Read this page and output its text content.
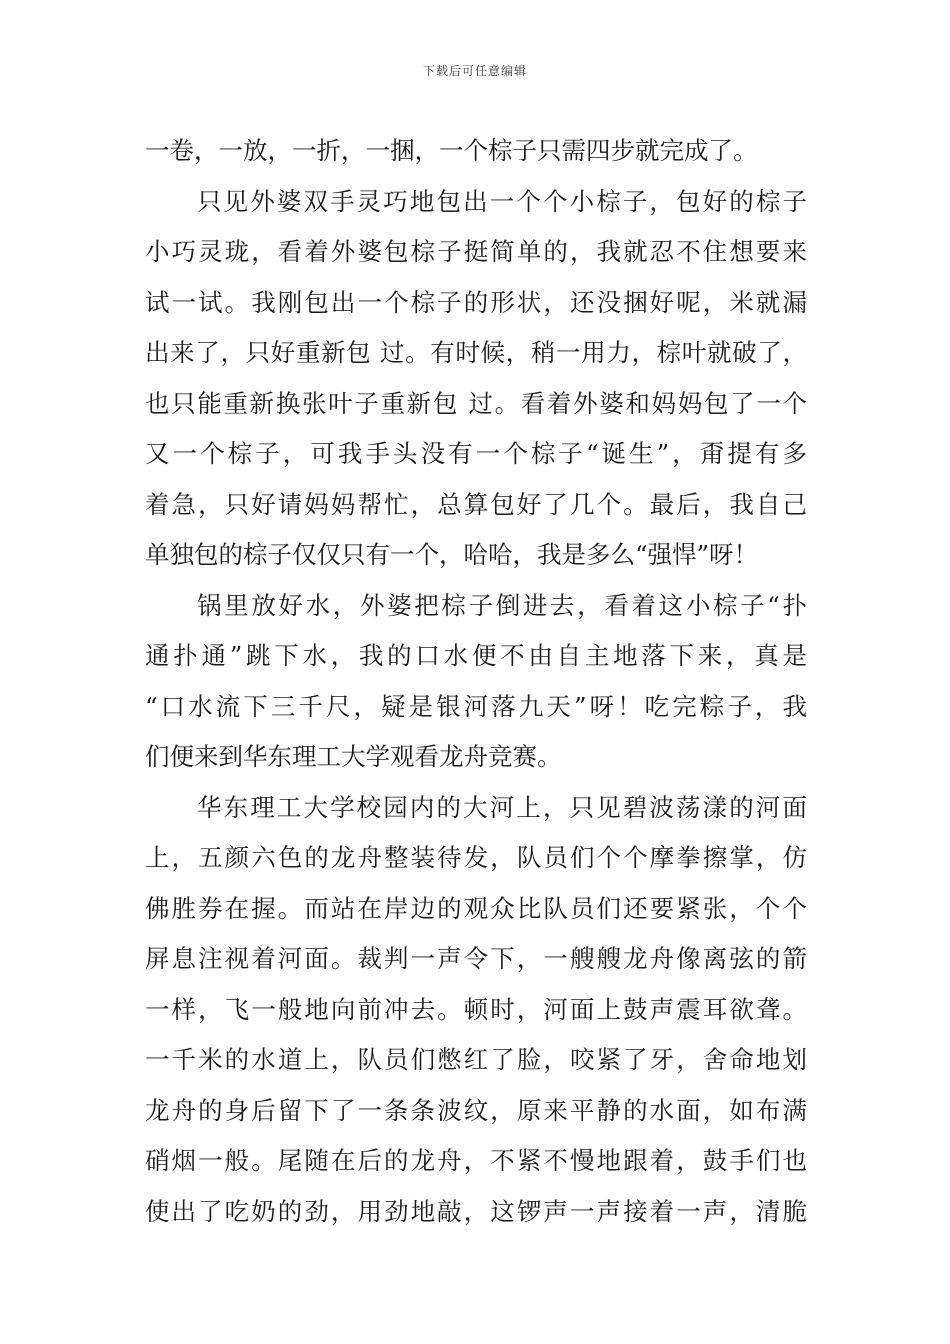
下载后可任意编辑
一卷，一放，一折，一捆，一个棕子只需四步就完成了。
只见外婆双手灵巧地包出一个个小棕子，包好的棕子
小巧灵珑，看着外婆包棕子挺简单的，我就忍不住想要来
试一试。我刚包出一个棕子的形状，还没捆好呢，米就漏
出来了，只好重新包 过。有时候，稍一用力，棕叶就破了，
也只能重新换张叶子重新包 过。看着外婆和妈妈包了一个
又一个棕子，可我手头没有一个棕子“诞生”，甭提有多
着急，只好请妈妈帮忙，总算包好了几个。最后，我自己
单独包的棕子仅仅只有一个，哈哈，我是多么“强悍”呀！
锅里放好水，外婆把棕子倒进去，看着这小棕子“扑
通扑通”跳下水，我的口水便不由自主地落下来，真是
“口水流下三千尺，疑是银河落九天”呀！吃完粽子，我
们便来到华东理工大学观看龙舟竞赛。
华东理工大学校园内的大河上，只见碧波荡漾的河面
上，五颜六色的龙舟整装待发，队员们个个摩拳擦掌，仿
佛胜券在握。而站在岸边的观众比队员们还要紧张，个个
屏息注视着河面。裁判一声令下，一艘艘龙舟像离弦的箭
一样，飞一般地向前冲去。顿时，河面上鼓声震耳欲聋。
一千米的水道上，队员们憋红了脸，咬紧了牙，舍命地划
龙舟的身后留下了一条条波纹，原来平静的水面，如布满
硝烟一般。尾随在后的龙舟，不紧不慢地跟着，鼓手们也
使出了吃奶的劲，用劲地敲，这锣声一声接着一声，清脆
